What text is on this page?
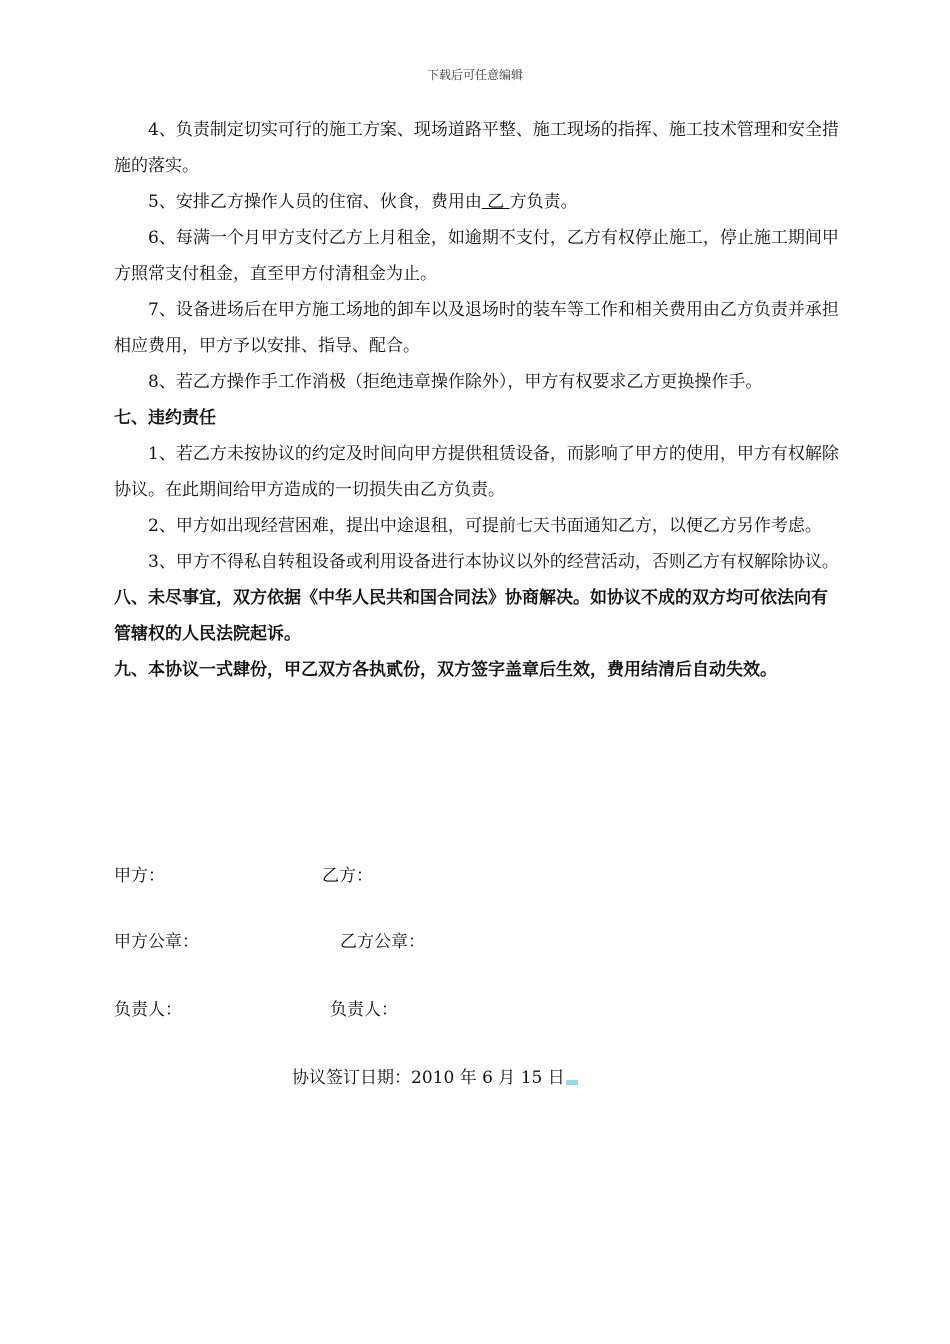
下载后可任意编辑

4、负责制定切实可行的施工方案、现场道路平整、施工现场的指挥、施工技术管理和安全措施的落实。

5、安排乙方操作人员的住宿、伙食，费用由 乙 方负责。

6、每满一个月甲方支付乙方上月租金，如逾期不支付，乙方有权停止施工，停止施工期间甲方照常支付租金，直至甲方付清租金为止。

7、设备进场后在甲方施工场地的卸车以及退场时的装车等工作和相关费用由乙方负责并承担相应费用，甲方予以安排、指导、配合。

8、若乙方操作手工作消极（拒绝违章操作除外），甲方有权要求乙方更换操作手。

七、违约责任

1、若乙方未按协议的约定及时间向甲方提供租赁设备，而影响了甲方的使用，甲方有权解除协议。在此期间给甲方造成的一切损失由乙方负责。

2、甲方如出现经营困难，提出中途退租，可提前七天书面通知乙方，以便乙方另作考虑。

3、甲方不得私自转租设备或利用设备进行本协议以外的经营活动，否则乙方有权解除协议。

八、未尽事宜，双方依据《中华人民共和国合同法》协商解决。如协议不成的双方均可依法向有管辖权的人民法院起诉。

九、本协议一式肆份，甲乙双方各执贰份，双方签字盖章后生效，费用结清后自动失效。

甲方：	乙方：
甲方公章：	乙方公章：
负责人：	负责人：
协议签订日期：2010 年 6 月 15 日
